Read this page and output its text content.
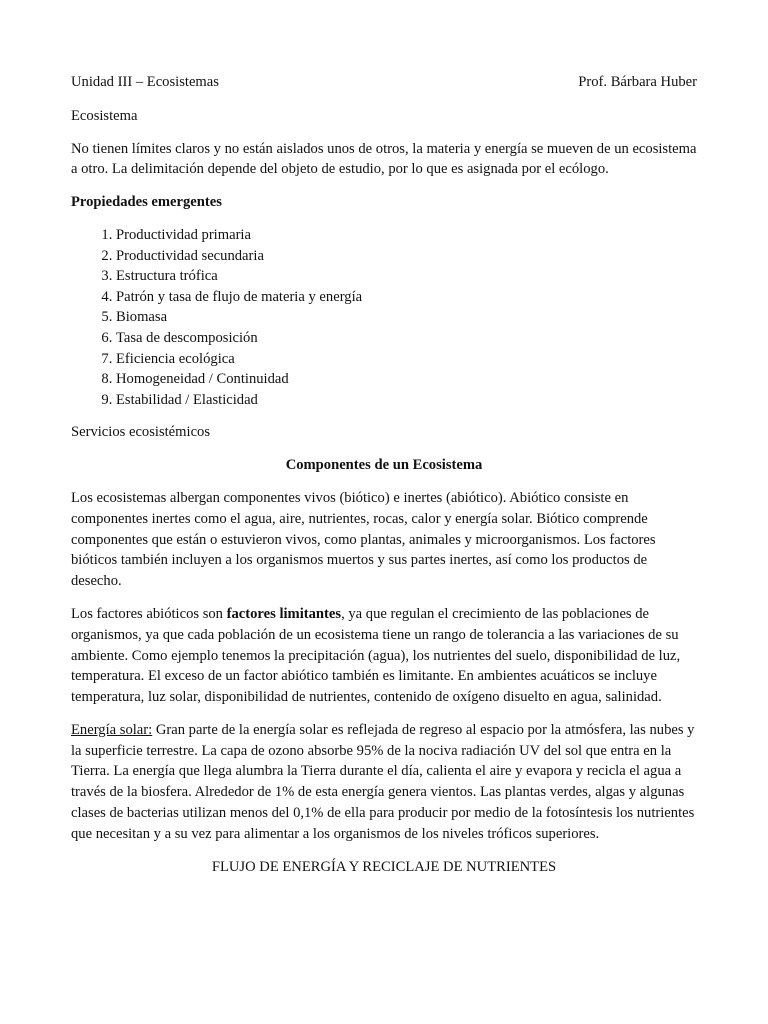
Unidad III – Ecosistemas	Prof. Bárbara Huber

Ecosistema

No tienen límites claros y no están aislados unos de otros, la materia y energía se mueven de un ecosistema a otro. La delimitación depende del objeto de estudio, por lo que es asignada por el ecólogo.

Propiedades emergentes

1. Productividad primaria
2. Productividad secundaria
3. Estructura trófica
4. Patrón y tasa de flujo de materia y energía
5. Biomasa
6. Tasa de descomposición
7. Eficiencia ecológica
8. Homogeneidad / Continuidad
9. Estabilidad / Elasticidad

Servicios ecosistémicos

Componentes de un Ecosistema

Los ecosistemas albergan componentes vivos (biótico) e inertes (abiótico). Abiótico consiste en componentes inertes como el agua, aire, nutrientes, rocas, calor y energía solar. Biótico comprende componentes que están o estuvieron vivos, como plantas, animales y microorganismos. Los factores bióticos también incluyen a los organismos muertos y sus partes inertes, así como los productos de desecho.

Los factores abióticos son factores limitantes, ya que regulan el crecimiento de las poblaciones de organismos, ya que cada población de un ecosistema tiene un rango de tolerancia a las variaciones de su ambiente. Como ejemplo tenemos la precipitación (agua), los nutrientes del suelo, disponibilidad de luz, temperatura. El exceso de un factor abiótico también es limitante. En ambientes acuáticos se incluye temperatura, luz solar, disponibilidad de nutrientes, contenido de oxígeno disuelto en agua, salinidad.

Energía solar: Gran parte de la energía solar es reflejada de regreso al espacio por la atmósfera, las nubes y la superficie terrestre. La capa de ozono absorbe 95% de la nociva radiación UV del sol que entra en la Tierra. La energía que llega alumbra la Tierra durante el día, calienta el aire y evapora y recicla el agua a través de la biosfera. Alrededor de 1% de esta energía genera vientos. Las plantas verdes, algas y algunas clases de bacterias utilizan menos del 0,1% de ella para producir por medio de la fotosíntesis los nutrientes que necesitan y a su vez para alimentar a los organismos de los niveles tróficos superiores.

FLUJO DE ENERGÍA Y RECICLAJE DE NUTRIENTES
